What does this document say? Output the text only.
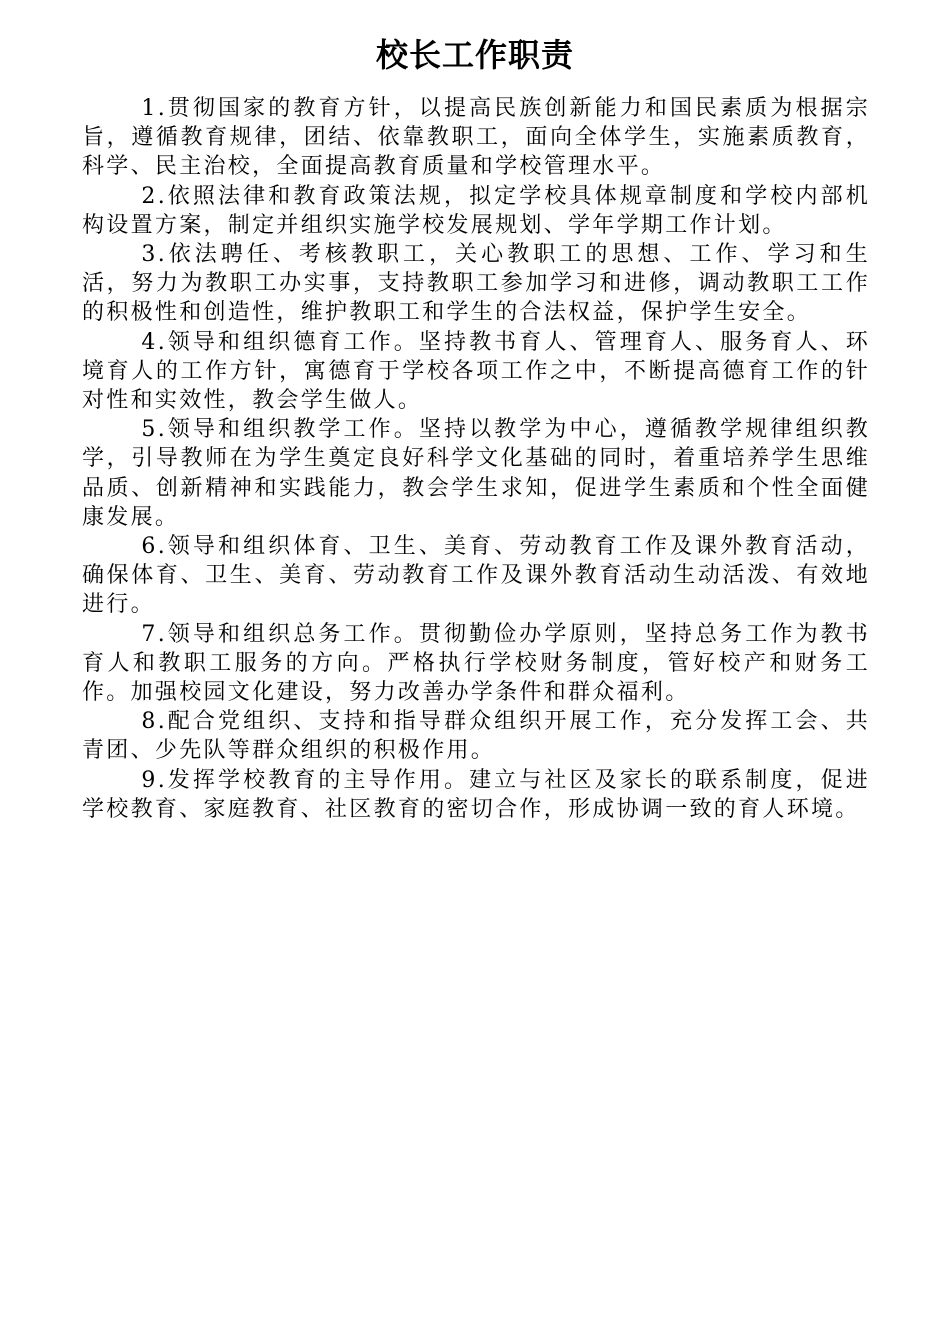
校长工作职责

1.贯彻国家的教育方针，以提高民族创新能力和国民素质为根据宗旨，遵循教育规律，团结、依靠教职工，面向全体学生，实施素质教育，科学、民主治校，全面提高教育质量和学校管理水平。

2.依照法律和教育政策法规，拟定学校具体规章制度和学校内部机构设置方案，制定并组织实施学校发展规划、学年学期工作计划。

3.依法聘任、考核教职工，关心教职工的思想、工作、学习和生活，努力为教职工办实事，支持教职工参加学习和进修，调动教职工工作的积极性和创造性，维护教职工和学生的合法权益，保护学生安全。

4.领导和组织德育工作。坚持教书育人、管理育人、服务育人、环境育人的工作方针，寓德育于学校各项工作之中，不断提高德育工作的针对性和实效性，教会学生做人。

5.领导和组织教学工作。坚持以教学为中心，遵循教学规律组织教学，引导教师在为学生奠定良好科学文化基础的同时，着重培养学生思维品质、创新精神和实践能力，教会学生求知，促进学生素质和个性全面健康发展。

6.领导和组织体育、卫生、美育、劳动教育工作及课外教育活动，确保体育、卫生、美育、劳动教育工作及课外教育活动生动活泼、有效地进行。

7.领导和组织总务工作。贯彻勤俭办学原则，坚持总务工作为教书育人和教职工服务的方向。严格执行学校财务制度，管好校产和财务工作。加强校园文化建设，努力改善办学条件和群众福利。

8.配合党组织、支持和指导群众组织开展工作，充分发挥工会、共青团、少先队等群众组织的积极作用。

9.发挥学校教育的主导作用。建立与社区及家长的联系制度，促进学校教育、家庭教育、社区教育的密切合作，形成协调一致的育人环境。
